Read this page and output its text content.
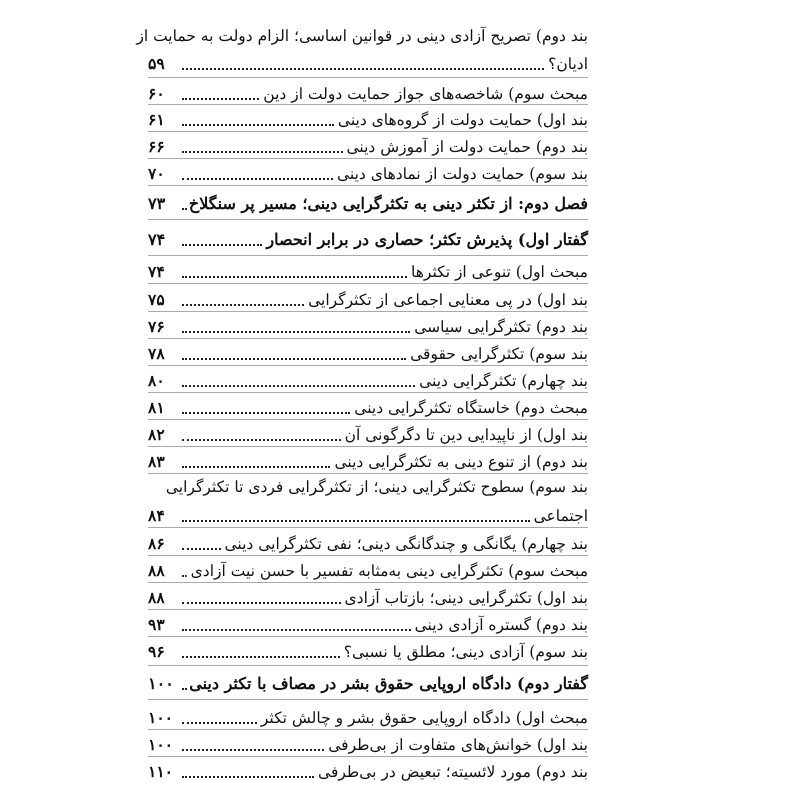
بند دوم) تصریح آزادی دینی در قوانین اساسی؛ الزام دولت به حمایت از
ادیان؟
۵۹
مبحث سوم) شاخصه‌های جواز حمایت دولت از دین
۶۰
بند اول) حمایت دولت از گروه‌های دینی
۶۱
بند دوم) حمایت دولت از آموزش دینی
۶۶
بند سوم) حمایت دولت از نمادهای دینی
۷۰
فصل دوم: از تکثر دینی به تکثرگرایی دینی؛ مسیر پر سنگلاخ
۷۳
گفتار اول) پذیرش تکثر؛ حصاری در برابر انحصار
۷۴
مبحث اول) تنوعی از تکثرها
۷۴
بند اول) در پی معنایی اجماعی از تکثرگرایی
۷۵
بند دوم) تکثرگرایی سیاسی
۷۶
بند سوم) تکثرگرایی حقوقی
۷۸
بند چهارم) تکثرگرایی دینی
۸۰
مبحث دوم) خاستگاه تکثرگرایی دینی
۸۱
بند اول) از ناپیدایی دین تا دگرگونی آن
۸۲
بند دوم) از تنوع دینی به تکثرگرایی دینی
۸۳
بند سوم) سطوح تکثرگرایی دینی؛ از تکثرگرایی فردی تا تکثرگرایی
اجتماعی
۸۴
بند چهارم) یگانگی و چندگانگی دینی؛ نفی تکثرگرایی دینی
۸۶
مبحث سوم) تکثرگرایی دینی به‌مثابه تفسیر با حسن نیت آزادی
۸۸
بند اول) تکثرگرایی دینی؛ بازتاب آزادی
۸۸
بند دوم) گستره آزادی دینی
۹۳
بند سوم) آزادی دینی؛ مطلق یا نسبی؟
۹۶
گفتار دوم) دادگاه اروپایی حقوق بشر در مصاف با تکثر دینی
۱۰۰
مبحث اول) دادگاه اروپایی حقوق بشر و چالش تکثر
۱۰۰
بند اول) خوانش‌های متفاوت از بی‌طرفی
۱۰۰
بند دوم) مورد لائسیته؛ تبعیض در بی‌طرفی
۱۱۰
